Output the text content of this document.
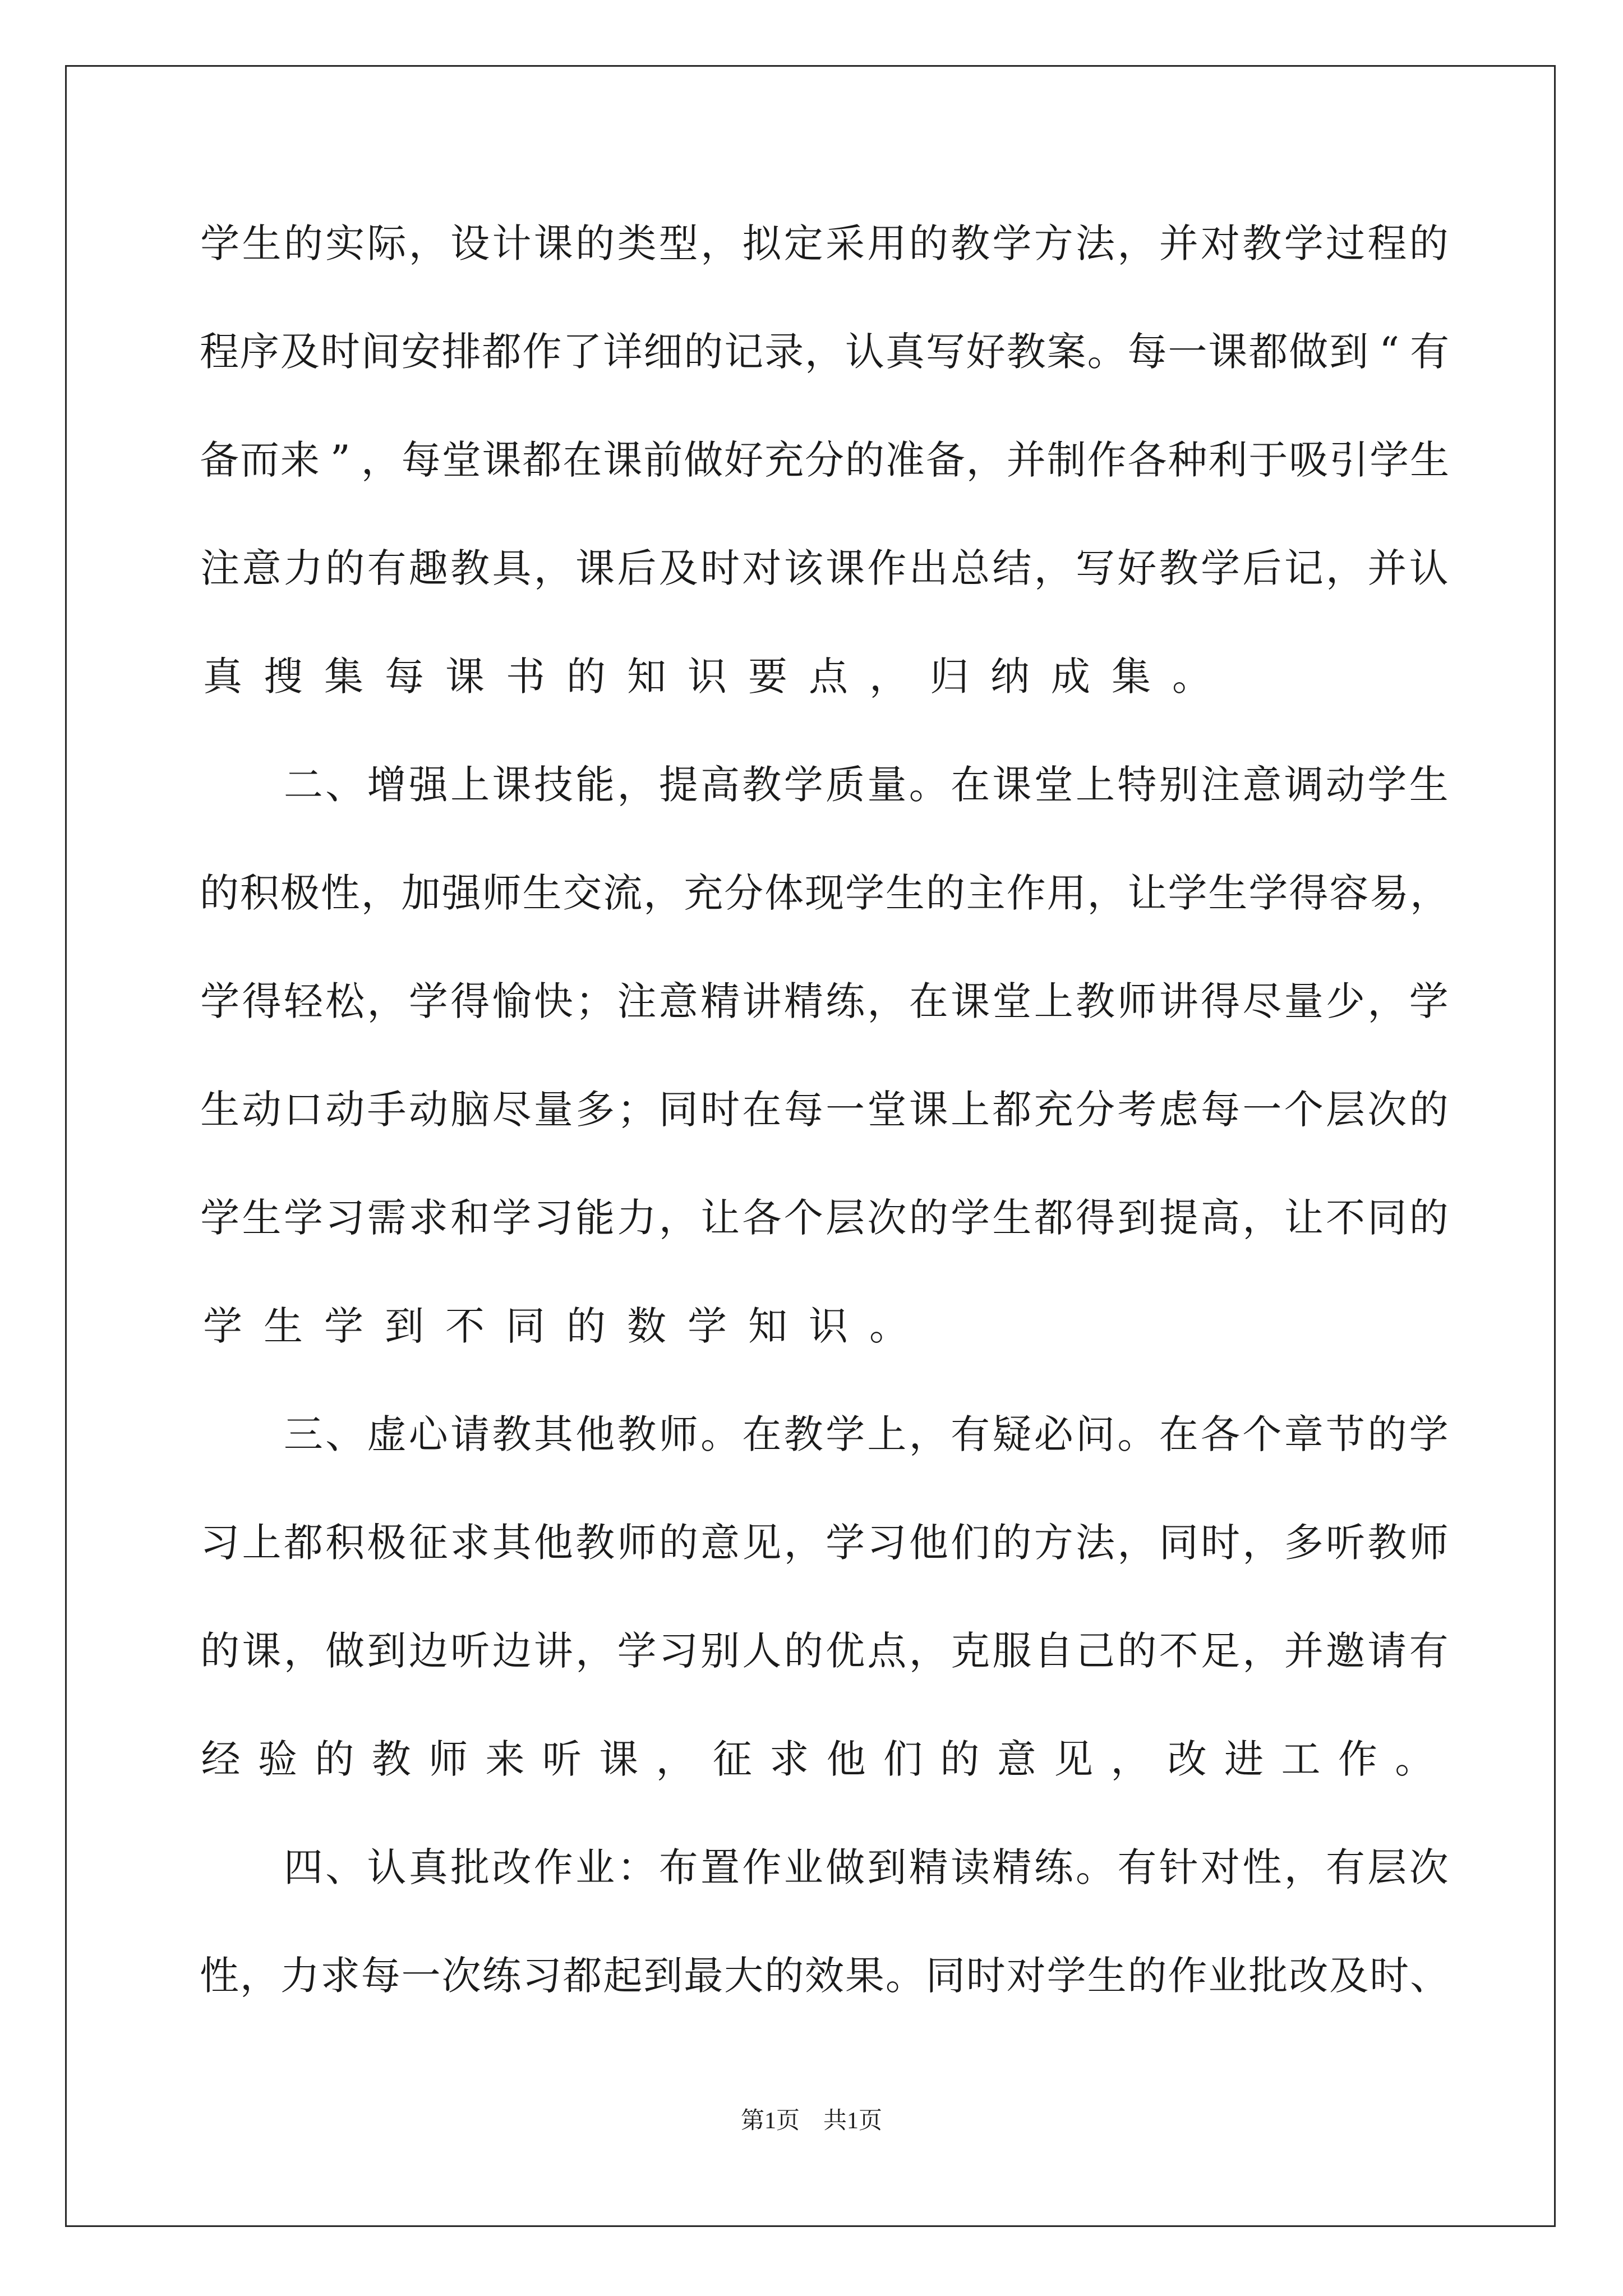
学 生 的 实 际 ， 设 计 课 的 类 型 ， 拟 定 采 用 的 教 学 方 法 ， 并 对 教 学 过 程 的
程 序 及 时 间 安 排 都 作 了 详 细 的 记 录 ， 认 真 写 好 教 案 。 每 一 课 都 做 到 “ 有
备 而 来 ” ， 每 堂 课 都 在 课 前 做 好 充 分 的 准 备 ， 并 制 作 各 种 利 于 吸 引 学 生
注 意 力 的 有 趣 教 具 ， 课 后 及 时 对 该 课 作 出 总 结 ， 写 好 教 学 后 记 ， 并 认
真 搜 集 每 课 书 的 知 识 要 点 ， 归 纳 成 集 。

二 、 增 强 上 课 技 能 ， 提 高 教 学 质 量 。 在 课 堂 上 特 别 注 意 调 动 学 生
的 积 极 性 ， 加 强 师 生 交 流 ， 充 分 体 现 学 生 的 主 作 用 ， 让 学 生 学 得 容 易 ，
学 得 轻 松 ， 学 得 愉 快 ； 注 意 精 讲 精 练 ， 在 课 堂 上 教 师 讲 得 尽 量 少 ， 学
生 动 口 动 手 动 脑 尽 量 多 ； 同 时 在 每 一 堂 课 上 都 充 分 考 虑 每 一 个 层 次 的
学 生 学 习 需 求 和 学 习 能 力 ， 让 各 个 层 次 的 学 生 都 得 到 提 高 ， 让 不 同 的
学 生 学 到 不 同 的 数 学 知 识 。

三 、 虚 心 请 教 其 他 教 师 。 在 教 学 上 ， 有 疑 必 问 。 在 各 个 章 节 的 学
习 上 都 积 极 征 求 其 他 教 师 的 意 见 ， 学 习 他 们 的 方 法 ， 同 时 ， 多 听 教 师
的 课 ， 做 到 边 听 边 讲 ， 学 习 别 人 的 优 点 ， 克 服 自 己 的 不 足 ， 并 邀 请 有
经 验 的 教 师 来 听 课 ， 征 求 他 们 的 意 见 ， 改 进 工 作 。

四 、 认 真 批 改 作 业 ： 布 置 作 业 做 到 精 读 精 练 。 有 针 对 性 ， 有 层 次
性 ， 力 求 每 一 次 练 习 都 起 到 最 大 的 效 果 。 同 时 对 学 生 的 作 业 批 改 及 时 、
第1页　共1页
